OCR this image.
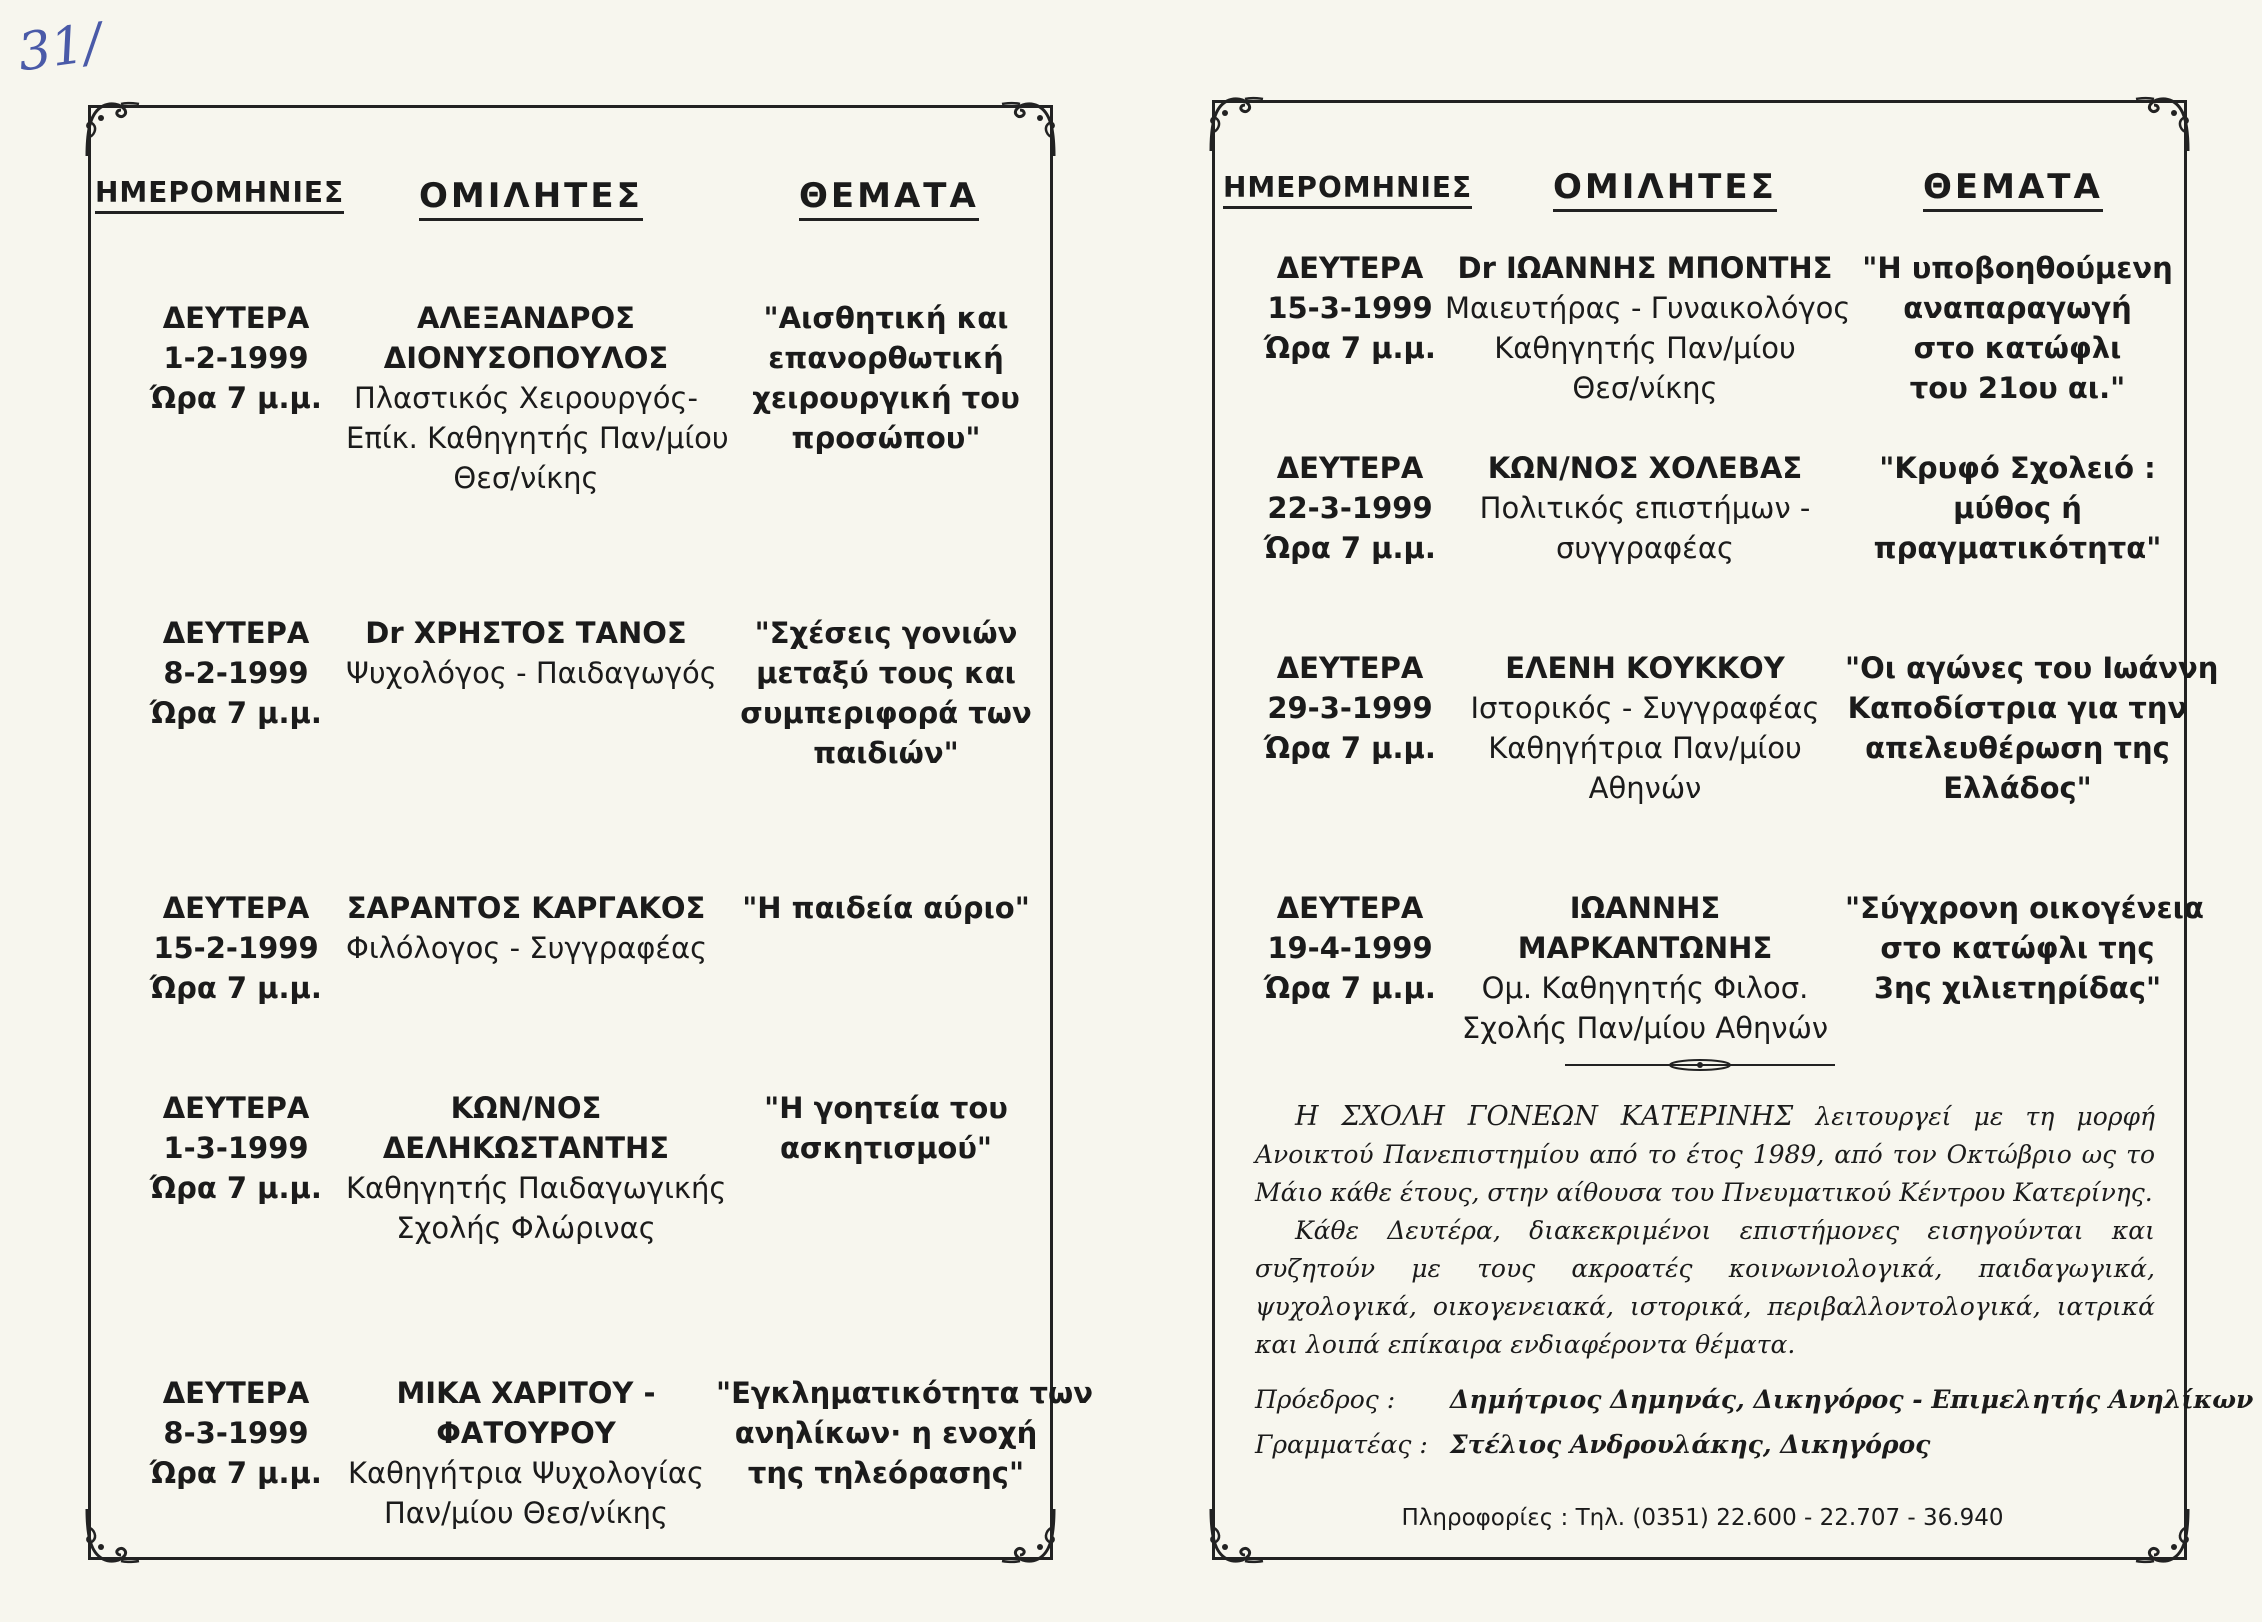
31/
ΗΜΕΡΟΜΗΝΙΕΣ ΟΜΙΛΗΤΕΣ	ΘΕΜΑΤΑ
ΔΕΥΤΕΡΑ
1-2-1999
Ώρα 7 μ.μ.
ΑΛΕΞΑΝΔΡΟΣ
ΔΙΟΝΥΣΟΠΟΥΛΟΣ
Πλαστικός Χειρουργός-
Επίκ. Καθηγητής Παν/μίου
Θεσ/νίκης
"Αισθητική και
επανορθωτική
χειρουργική του
προσώπου"
ΔΕΥΤΕΡΑ
8-2-1999
Ώρα 7 μ.μ.
Dr ΧΡΗΣΤΟΣ ΤΑΝΟΣ
Ψυχολόγος - Παιδαγωγός
"Σχέσεις γονιών
μεταξύ τους και
συμπεριφορά των
παιδιών"
ΔΕΥΤΕΡΑ
15-2-1999
Ώρα 7 μ.μ.
ΣΑΡΑΝΤΟΣ ΚΑΡΓΑΚΟΣ
Φιλόλογος - Συγγραφέας
"Η παιδεία αύριο"
ΔΕΥΤΕΡΑ
1-3-1999
Ώρα 7 μ.μ.
ΚΩΝ/ΝΟΣ
ΔΕΛΗΚΩΣΤΑΝΤΗΣ
Καθηγητής Παιδαγωγικής
Σχολής Φλώρινας
"Η γοητεία του
ασκητισμού"
ΔΕΥΤΕΡΑ
8-3-1999
Ώρα 7 μ.μ.
ΜΙΚΑ ΧΑΡΙΤΟΥ -
ΦΑΤΟΥΡΟΥ
Καθηγήτρια Ψυχολογίας
Παν/μίου Θεσ/νίκης
"Εγκληματικότητα των
ανηλίκων· η ενοχή
της τηλεόρασης"
ΗΜΕΡΟΜΗΝΙΕΣ ΟΜΙΛΗΤΕΣ	ΘΕΜΑΤΑ
ΔΕΥΤΕΡΑ
15-3-1999
Ώρα 7 μ.μ.
Dr ΙΩΑΝΝΗΣ ΜΠΟΝΤΗΣ
Μαιευτήρας - Γυναικολόγος
Καθηγητής Παν/μίου
Θεσ/νίκης
"Η υποβοηθούμενη
αναπαραγωγή
στο κατώφλι
του 21ου αι."
ΔΕΥΤΕΡΑ
22-3-1999
Ώρα 7 μ.μ.
ΚΩΝ/ΝΟΣ ΧΟΛΕΒΑΣ
Πολιτικός επιστήμων -
συγγραφέας
"Κρυφό Σχολειό :
μύθος ή
πραγματικότητα"
ΔΕΥΤΕΡΑ
29-3-1999
Ώρα 7 μ.μ.
ΕΛΕΝΗ ΚΟΥΚΚΟΥ
Ιστορικός - Συγγραφέας
Καθηγήτρια Παν/μίου
Αθηνών
"Οι αγώνες του Ιωάννη
Καποδίστρια για την
απελευθέρωση της
Ελλάδος"
ΔΕΥΤΕΡΑ
19-4-1999
Ώρα 7 μ.μ.
ΙΩΑΝΝΗΣ
ΜΑΡΚΑΝΤΩΝΗΣ
Ομ. Καθηγητής Φιλοσ.
Σχολής Παν/μίου Αθηνών
"Σύγχρονη οικογένεια
στο κατώφλι της
3ης χιλιετηρίδας"

Η ΣΧΟΛΗ ΓΟΝΕΩΝ ΚΑΤΕΡΙΝΗΣ λειτουργεί με τη μορφή Ανοικτού Πανεπιστημίου από το έτος 1989, από τον Οκτώβριο ως το Μάιο κάθε έτους, στην αίθουσα του Πνευματικού Κέντρου Κατερίνης.

Κάθε Δευτέρα, διακεκριμένοι επιστήμονες εισηγούνται και συζητούν με τους ακροατές κοινωνιολογικά, παιδαγωγικά, ψυχολογικά, οικογενειακά, ιστορικά, περιβαλλοντολογικά, ιατρικά και λοιπά επίκαιρα ενδιαφέροντα θέματα.

Πρόεδρος : Δημήτριος Δημηνάς, Δικηγόρος - Επιμελητής Ανηλίκων
Γραμματέας : Στέλιος Ανδρουλάκης, Δικηγόρος
Πληροφορίες : Τηλ. (0351) 22.600 - 22.707 - 36.940
